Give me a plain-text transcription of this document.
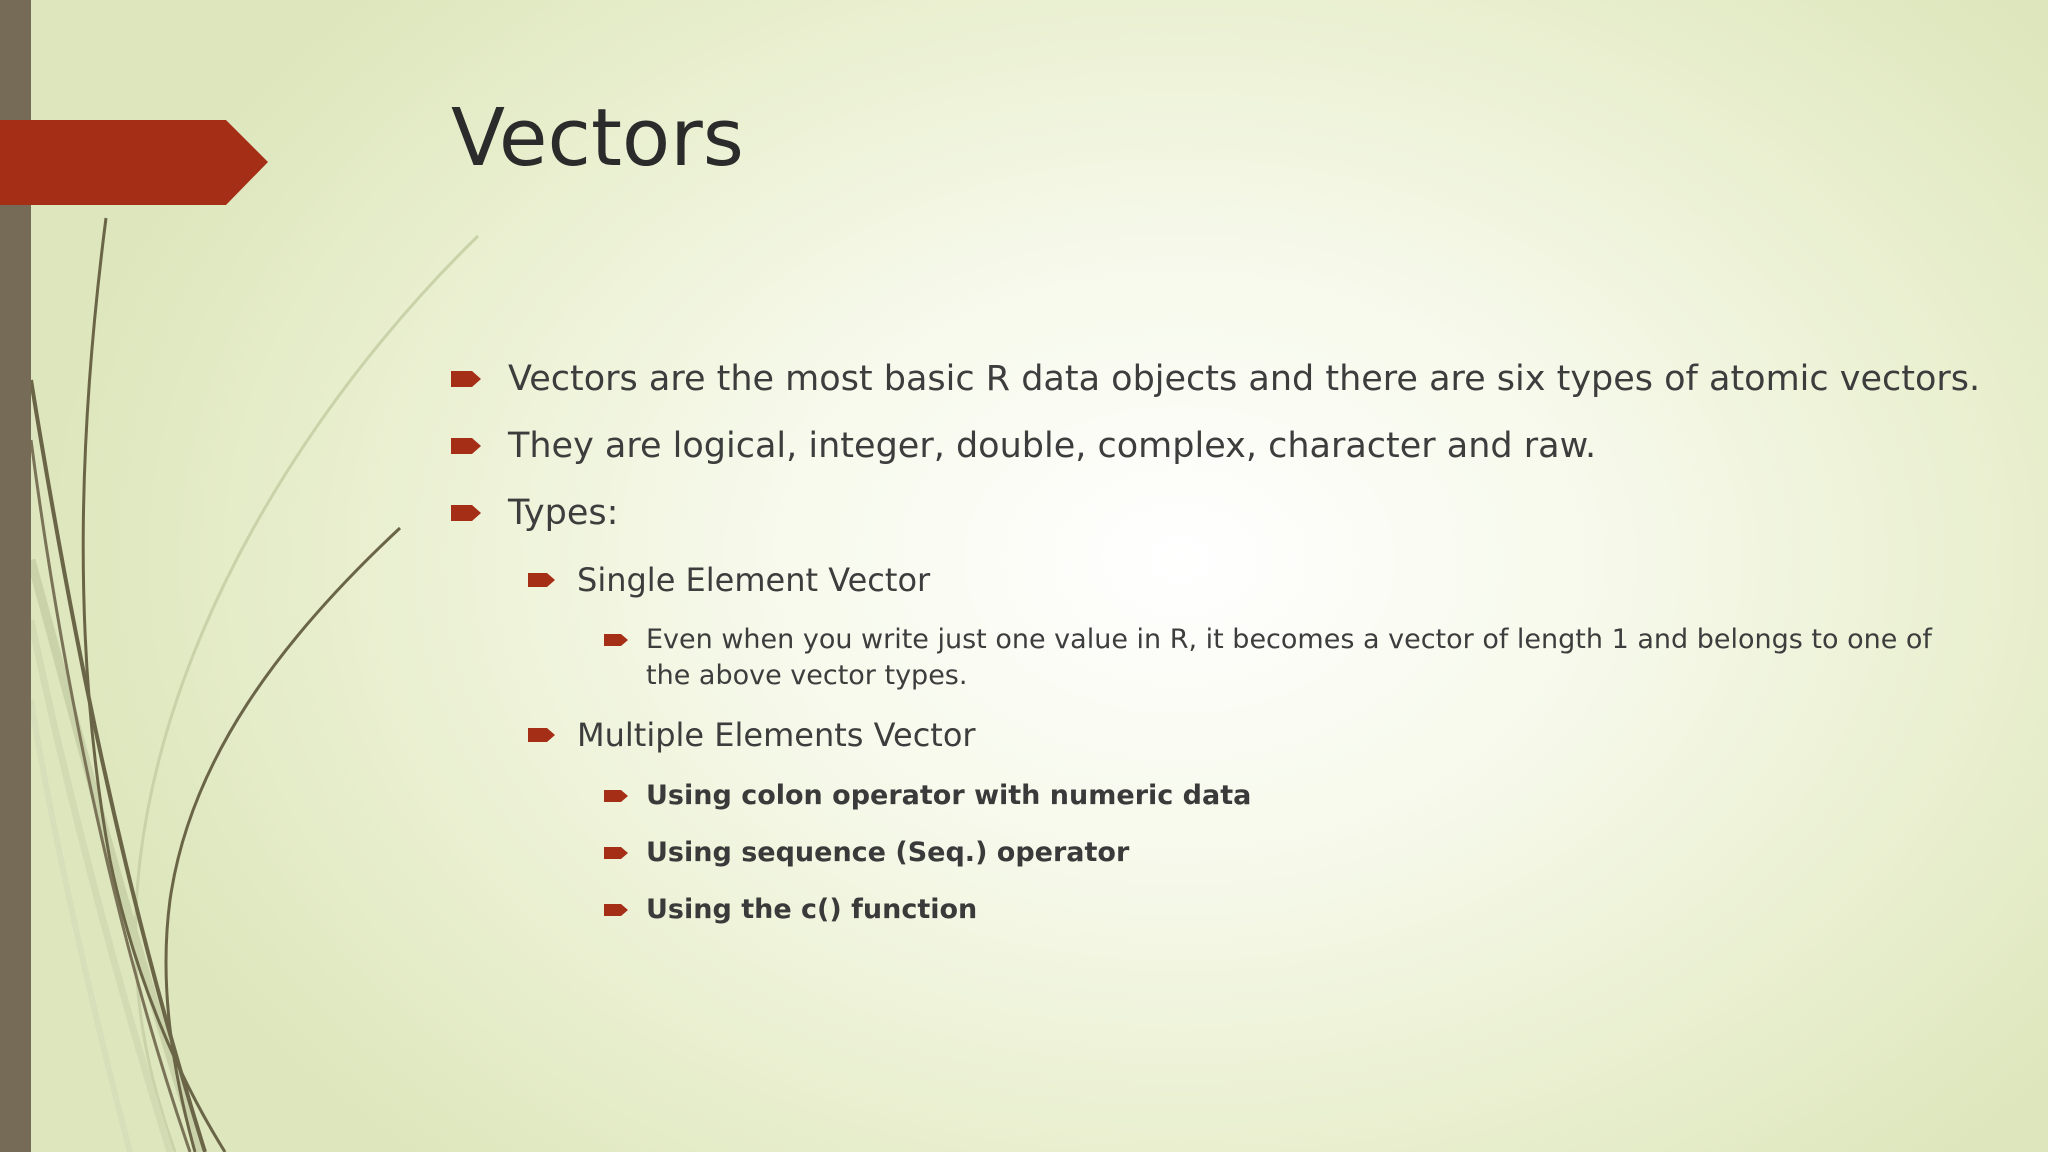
Vectors
Vectors are the most basic R data objects and there are six types of atomic vectors.
They are logical, integer, double, complex, character and raw.
Types:
Single Element Vector
Even when you write just one value in R, it becomes a vector of length 1 and belongs to one of the above vector types.
Multiple Elements Vector
Using colon operator with numeric data
Using sequence (Seq.) operator
Using the c() function
